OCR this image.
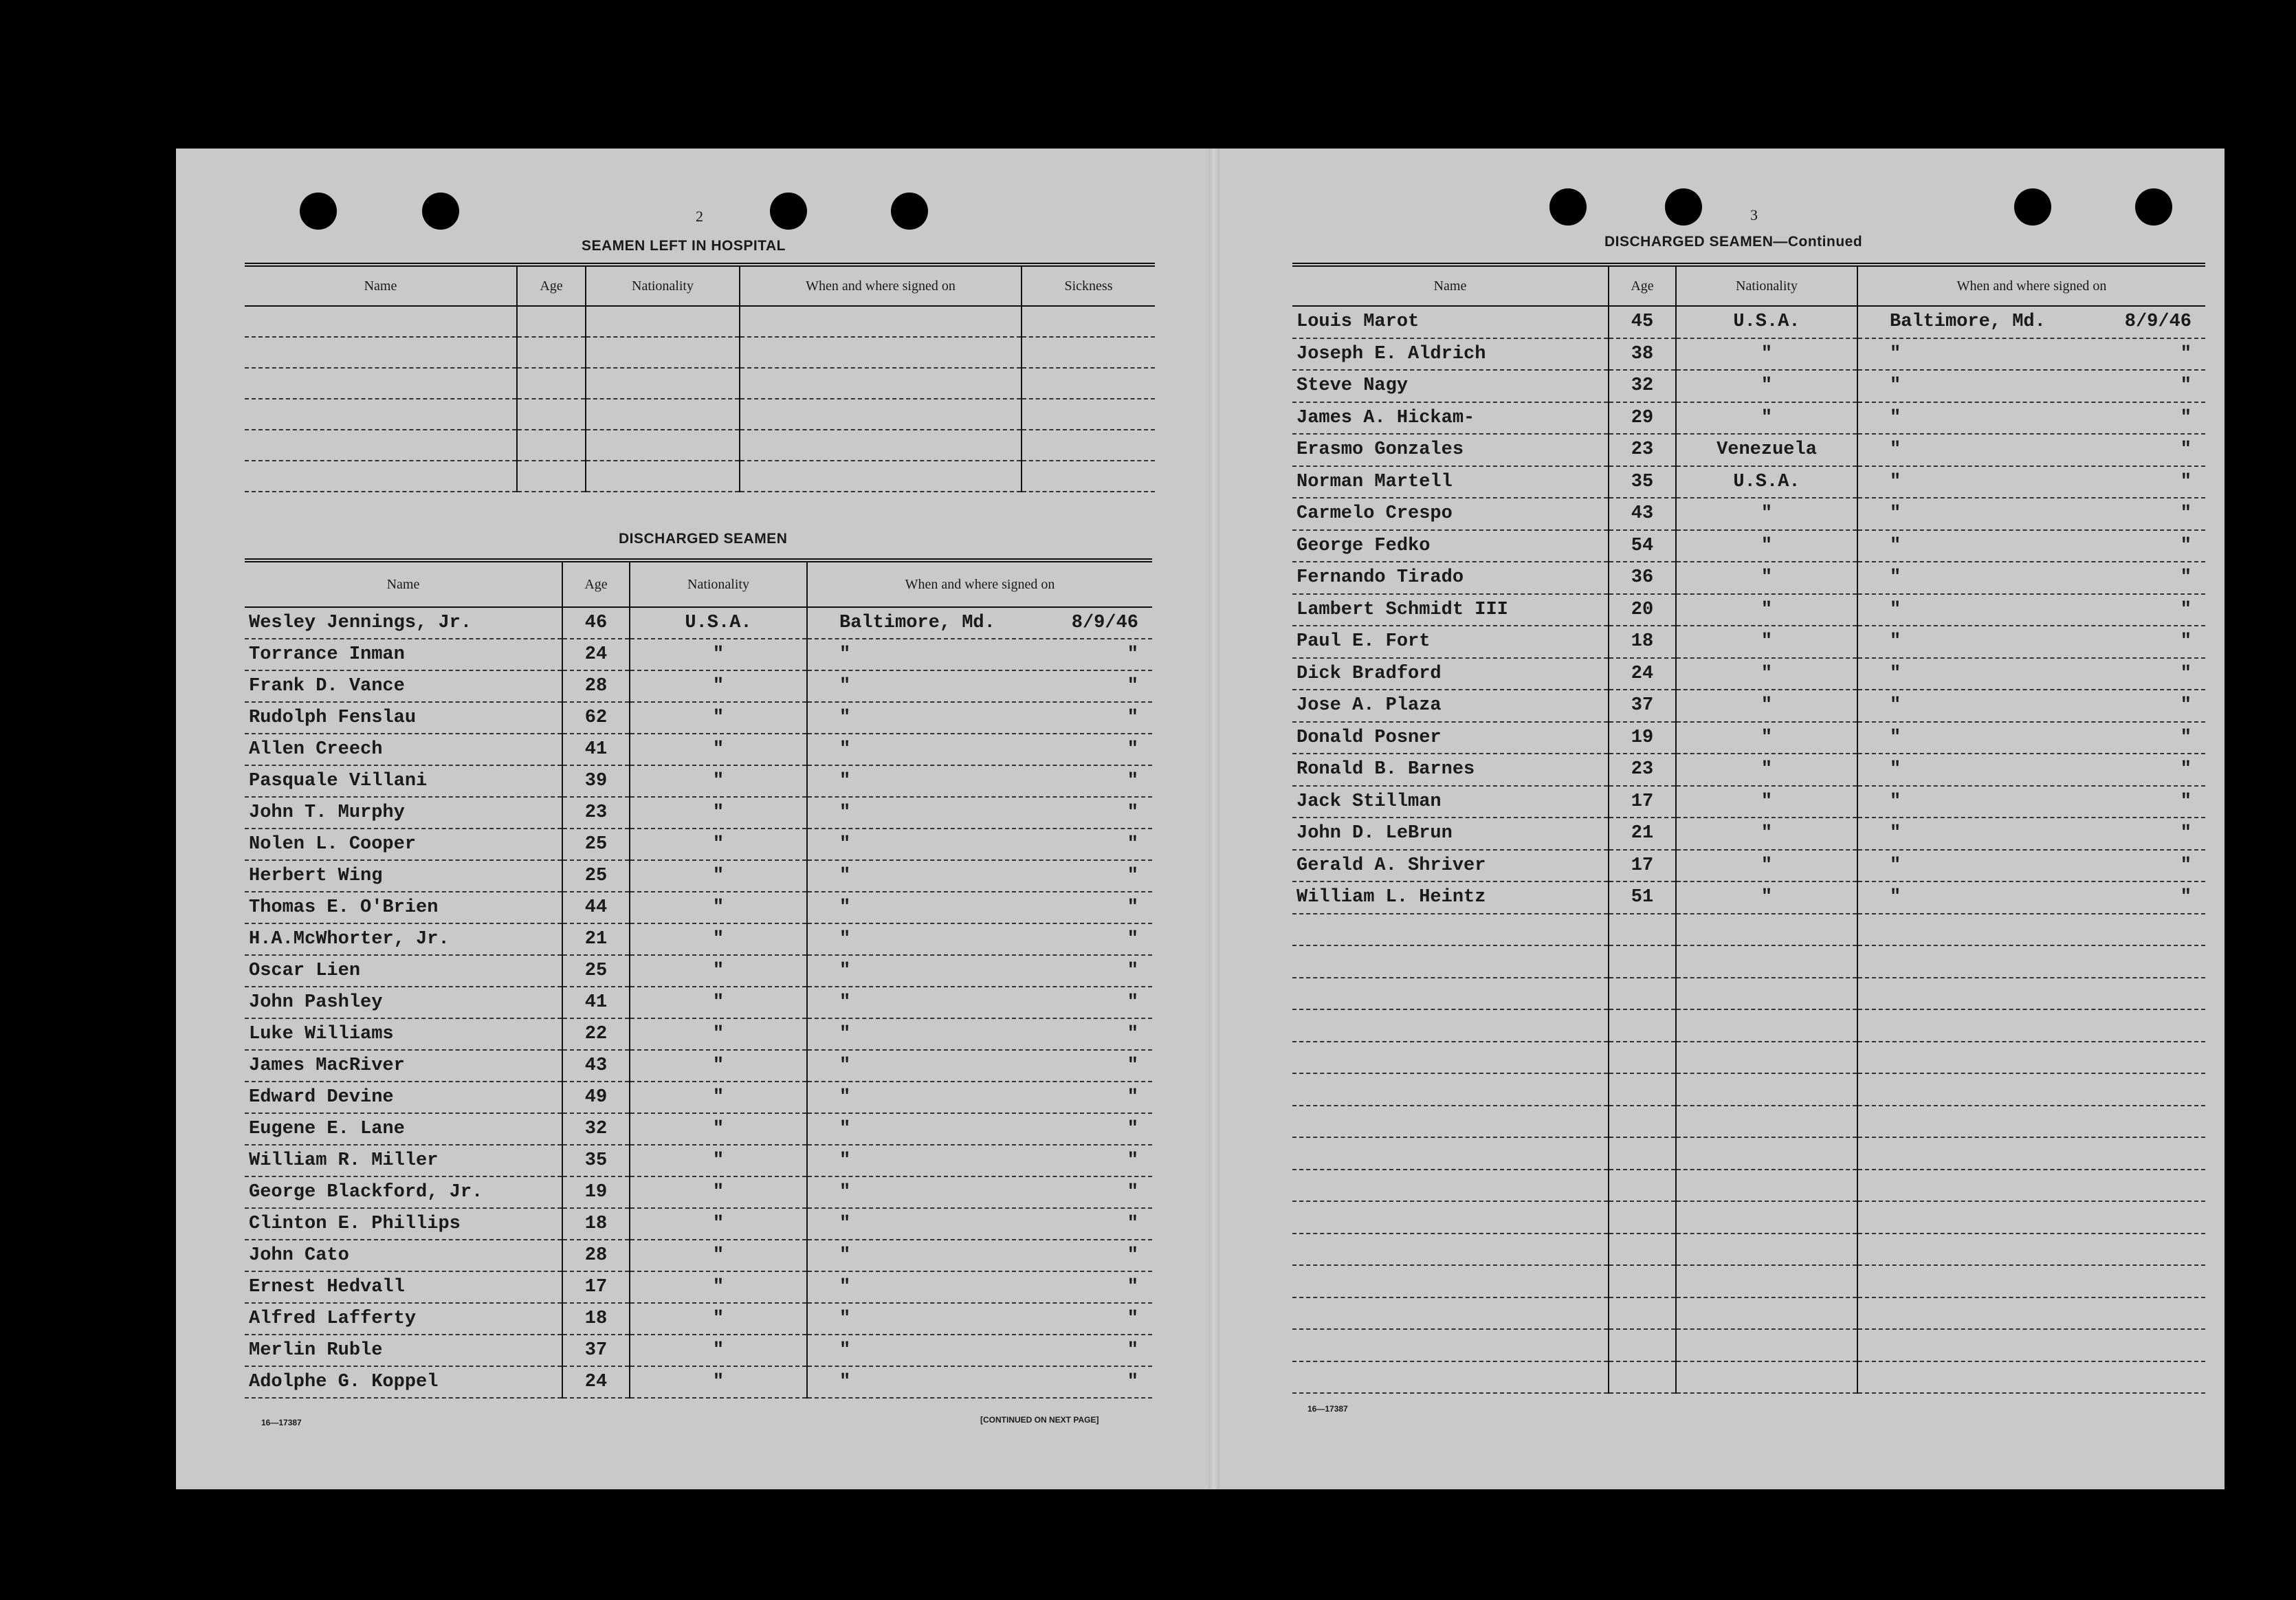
2
SEAMEN LEFT IN HOSPITAL
Name	Age	Nationality	When and where signed on	Sickness

DISCHARGED SEAMEN
Name	Age	Nationality	When and where signed on
Wesley Jennings, Jr.	46	U.S.A.	Baltimore, Md. 8/9/46

Torrance Inman	24	"	" "

Frank D. Vance	28	"	" "

Rudolph Fenslau	62	"	" "

Allen Creech	41	"	" "

Pasquale Villani	39	"	" "

John T. Murphy	23	"	" "

Nolen L. Cooper	25	"	" "

Herbert Wing	25	"	" "

Thomas E. O'Brien	44	"	" "

H.A.McWhorter, Jr.	21	"	" "

Oscar Lien	25	"	" "

John Pashley	41	"	" "

Luke Williams	22	"	" "

James MacRiver	43	"	" "

Edward Devine	49	"	" "

Eugene E. Lane	32	"	" "

William R. Miller	35	"	" "

George Blackford, Jr.	19	"	" "

Clinton E. Phillips	18	"	" "

John Cato	28	"	" "

Ernest Hedvall	17	"	" "

Alfred Lafferty	18	"	" "

Merlin Ruble	37	"	" "

Adolphe G. Koppel	24	"	" "
16—17387	[CONTINUED ON NEXT PAGE]
3
DISCHARGED SEAMEN—Continued
Name	Age	Nationality	When and where signed on
Louis Marot	45	U.S.A.	Baltimore, Md. 8/9/46

Joseph E. Aldrich	38	"	" "

Steve Nagy	32	"	" "

James A. Hickam-	29	"	" "

Erasmo Gonzales	23	Venezuela	" "

Norman Martell	35	U.S.A.	" "

Carmelo Crespo	43	"	" "

George Fedko	54	"	" "

Fernando Tirado	36	"	" "

Lambert Schmidt III	20	"	" "

Paul E. Fort	18	"	" "

Dick Bradford	24	"	" "

Jose A. Plaza	37	"	" "

Donald Posner	19	"	" "

Ronald B. Barnes	23	"	" "

Jack Stillman	17	"	" "

John D. LeBrun	21	"	" "

Gerald A. Shriver	17	"	" "

William L. Heintz	51	"	" "

16—17387
